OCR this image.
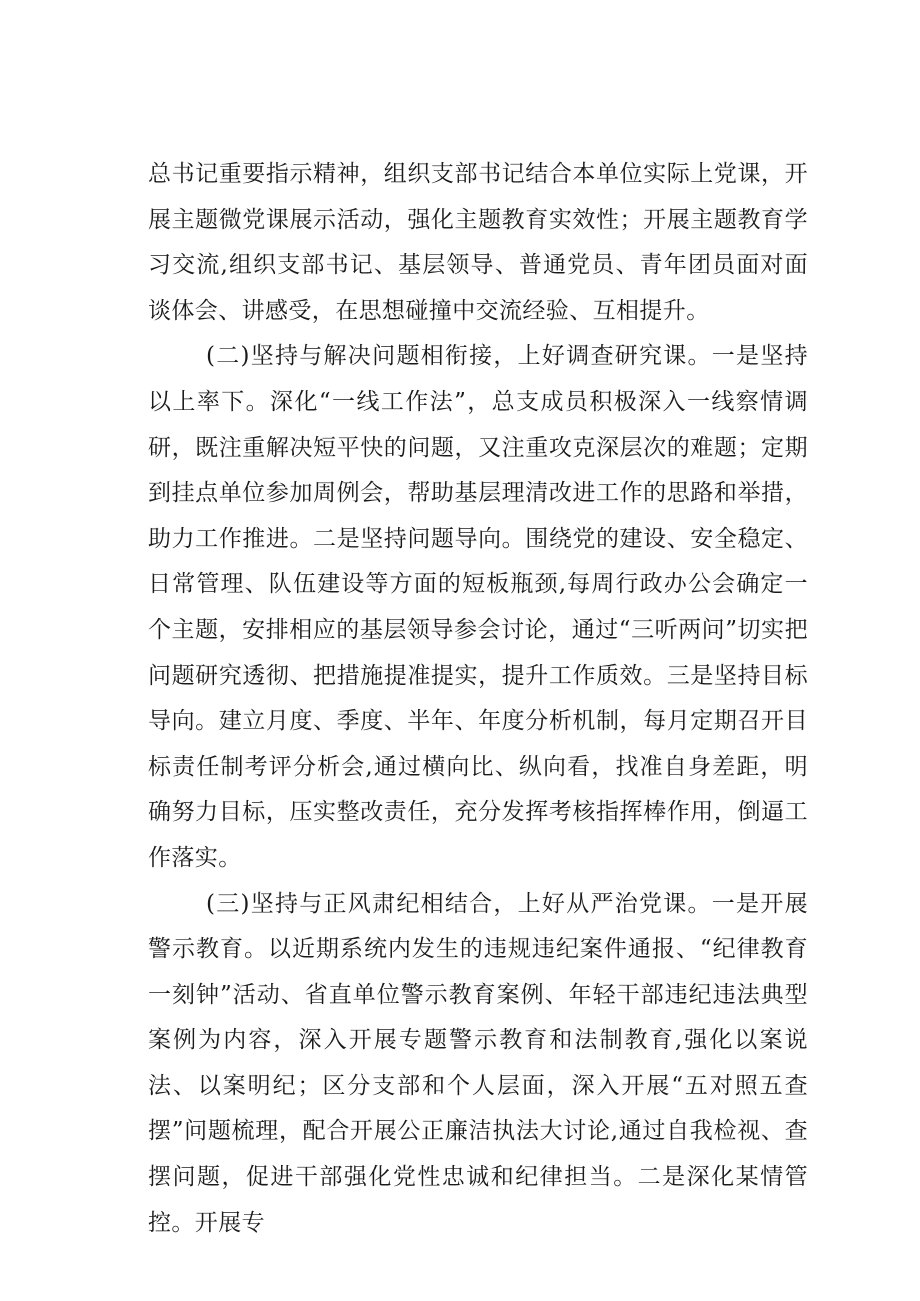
总书记重要指示精神，组织支部书记结合本单位实际上党课，开展主题微党课展示活动，强化主题教育实效性；开展主题教育学习交流,组织支部书记、基层领导、普通党员、青年团员面对面谈体会、讲感受，在思想碰撞中交流经验、互相提升。

(二)坚持与解决问题相衔接，上好调查研究课。一是坚持以上率下。深化“一线工作法”，总支成员积极深入一线察情调研，既注重解决短平快的问题，又注重攻克深层次的难题；定期到挂点单位参加周例会，帮助基层理清改进工作的思路和举措，助力工作推进。二是坚持问题导向。围绕党的建设、安全稳定、日常管理、队伍建设等方面的短板瓶颈,每周行政办公会确定一个主题，安排相应的基层领导参会讨论，通过“三听两问”切实把问题研究透彻、把措施提准提实，提升工作质效。三是坚持目标导向。建立月度、季度、半年、年度分析机制，每月定期召开目标责任制考评分析会,通过横向比、纵向看，找准自身差距，明确努力目标，压实整改责任，充分发挥考核指挥棒作用，倒逼工作落实。

(三)坚持与正风肃纪相结合，上好从严治党课。一是开展警示教育。以近期系统内发生的违规违纪案件通报、“纪律教育一刻钟”活动、省直单位警示教育案例、年轻干部违纪违法典型案例为内容，深入开展专题警示教育和法制教育,强化以案说法、以案明纪；区分支部和个人层面，深入开展“五对照五查摆”问题梳理，配合开展公正廉洁执法大讨论,通过自我检视、查摆问题，促进干部强化党性忠诚和纪律担当。二是深化某情管控。开展专
